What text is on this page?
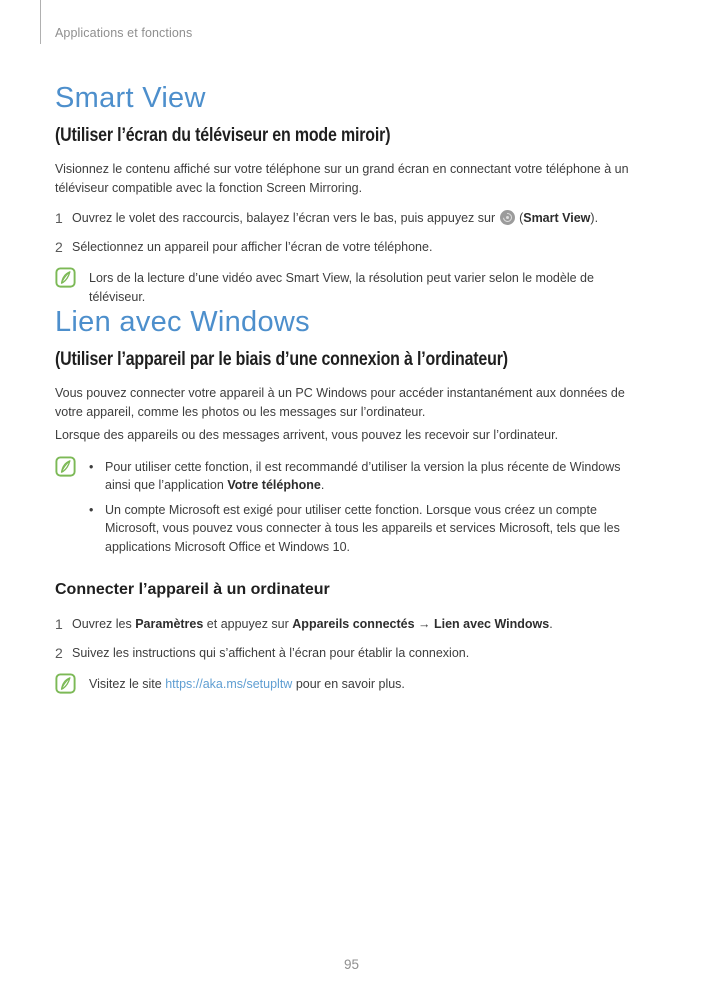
Applications et fonctions
Smart View
(Utiliser l’écran du téléviseur en mode miroir)

Visionnez le contenu affiché sur votre téléphone sur un grand écran en connectant votre téléphone à un téléviseur compatible avec la fonction Screen Mirroring.

1 Ouvrez le volet des raccourcis, balayez l’écran vers le bas, puis appuyez sur  (Smart View).
2 Sélectionnez un appareil pour afficher l’écran de votre téléphone.
Lors de la lecture d’une vidéo avec Smart View, la résolution peut varier selon le modèle de téléviseur.
Lien avec Windows
(Utiliser l’appareil par le biais d’une connexion à l’ordinateur)

Vous pouvez connecter votre appareil à un PC Windows pour accéder instantanément aux données de votre appareil, comme les photos ou les messages sur l’ordinateur.

Lorsque des appareils ou des messages arrivent, vous pouvez les recevoir sur l’ordinateur.

• Pour utiliser cette fonction, il est recommandé d’utiliser la version la plus récente de Windows ainsi que l’application Votre téléphone.
• Un compte Microsoft est exigé pour utiliser cette fonction. Lorsque vous créez un compte Microsoft, vous pouvez vous connecter à tous les appareils et services Microsoft, tels que les applications Microsoft Office et Windows 10.
Connecter l’appareil à un ordinateur
1 Ouvrez les Paramètres et appuyez sur Appareils connectés → Lien avec Windows.
2 Suivez les instructions qui s’affichent à l’écran pour établir la connexion.
Visitez le site https://aka.ms/setupltw pour en savoir plus.
95
